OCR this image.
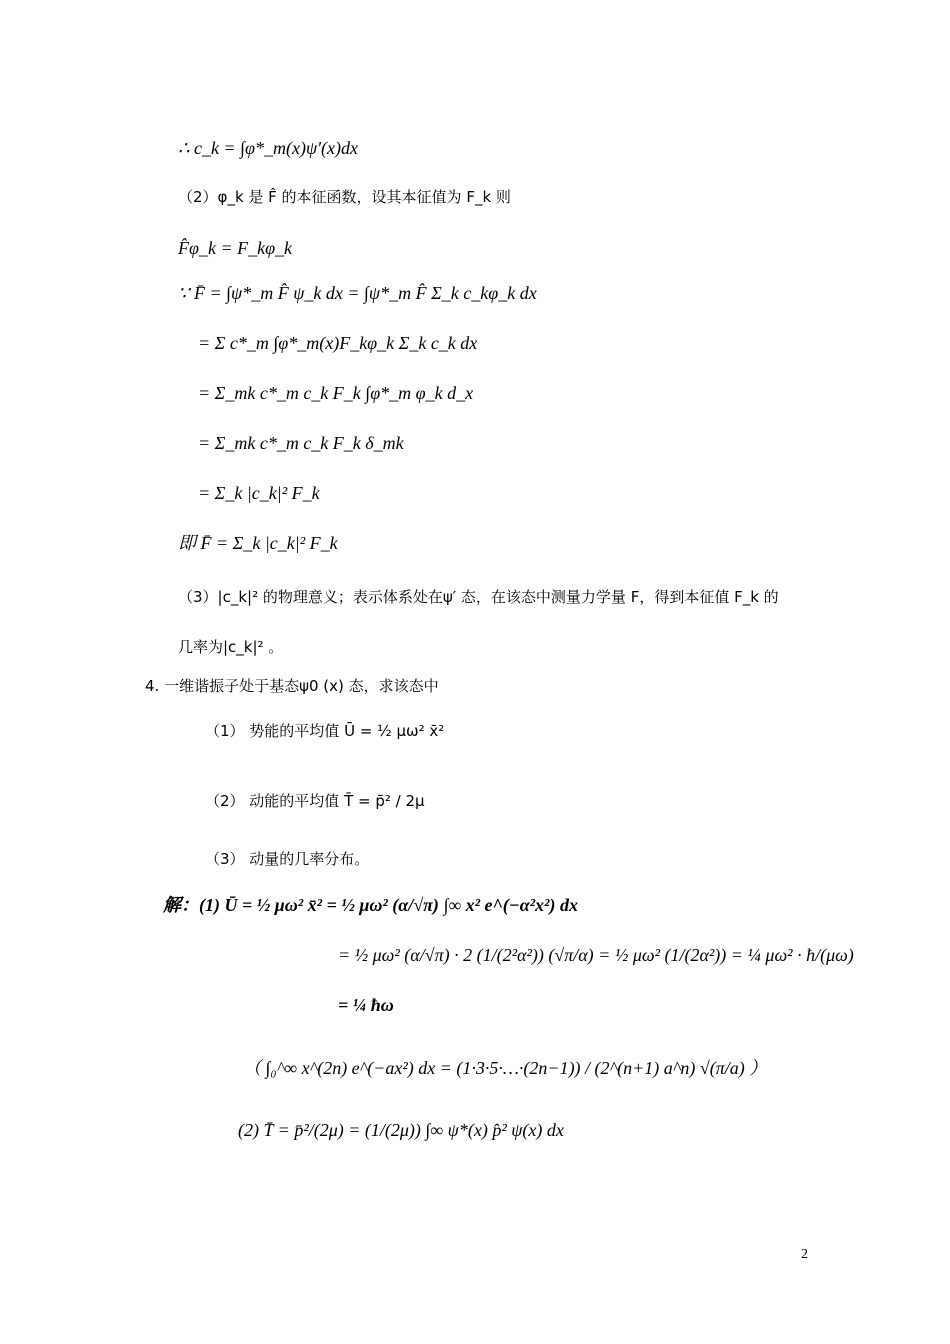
∴ c_k = ∫φ*_m(x)ψ′(x)dx
（2）φ_k 是 F̂ 的本征函数，设其本征值为 F_k 则
F̂φ_k = F_kφ_k
∵ F̄ = ∫ψ*_m F̂ ψ_k dx = ∫ψ*_m F̂ Σ_k c_kφ_k dx
= Σ c*_m ∫φ*_m(x)F_kφ_k Σ_k c_k dx
= Σ_mk c*_m c_k F_k ∫φ*_m φ_k d_x
= Σ_mk c*_m c_k F_k δ_mk
= Σ_k |c_k|² F_k
即 F̄ = Σ_k |c_k|² F_k
（3）|c_k|² 的物理意义；表示体系处在ψ′ 态，在该态中测量力学量 F，得到本征值 F_k 的
几率为|c_k|² 。
4. 一维谐振子处于基态ψ0 (x) 态，求该态中
（1） 势能的平均值 Ū = ½ μω² x̄²
（2） 动能的平均值 T̄ = p̄² / 2μ
（3） 动量的几率分布。
解：(1) Ū = ½ μω² x̄² = ½ μω² (α/√π) ∫∞ x² e^(−α²x²) dx
= ½ μω² (α/√π) · 2 (1/(2²α²)) (√π/α) = ½ μω² (1/(2α²)) = ¼ μω² · ħ/(μω)
= ¼ ħω
（ ∫₀^∞ x^(2n) e^(−ax²) dx = (1·3·5·…·(2n−1)) / (2^(n+1) a^n) √(π/a) ）
(2) T̄ = p̄²/(2μ) = (1/(2μ)) ∫∞ ψ*(x) p̂² ψ(x) dx
2
